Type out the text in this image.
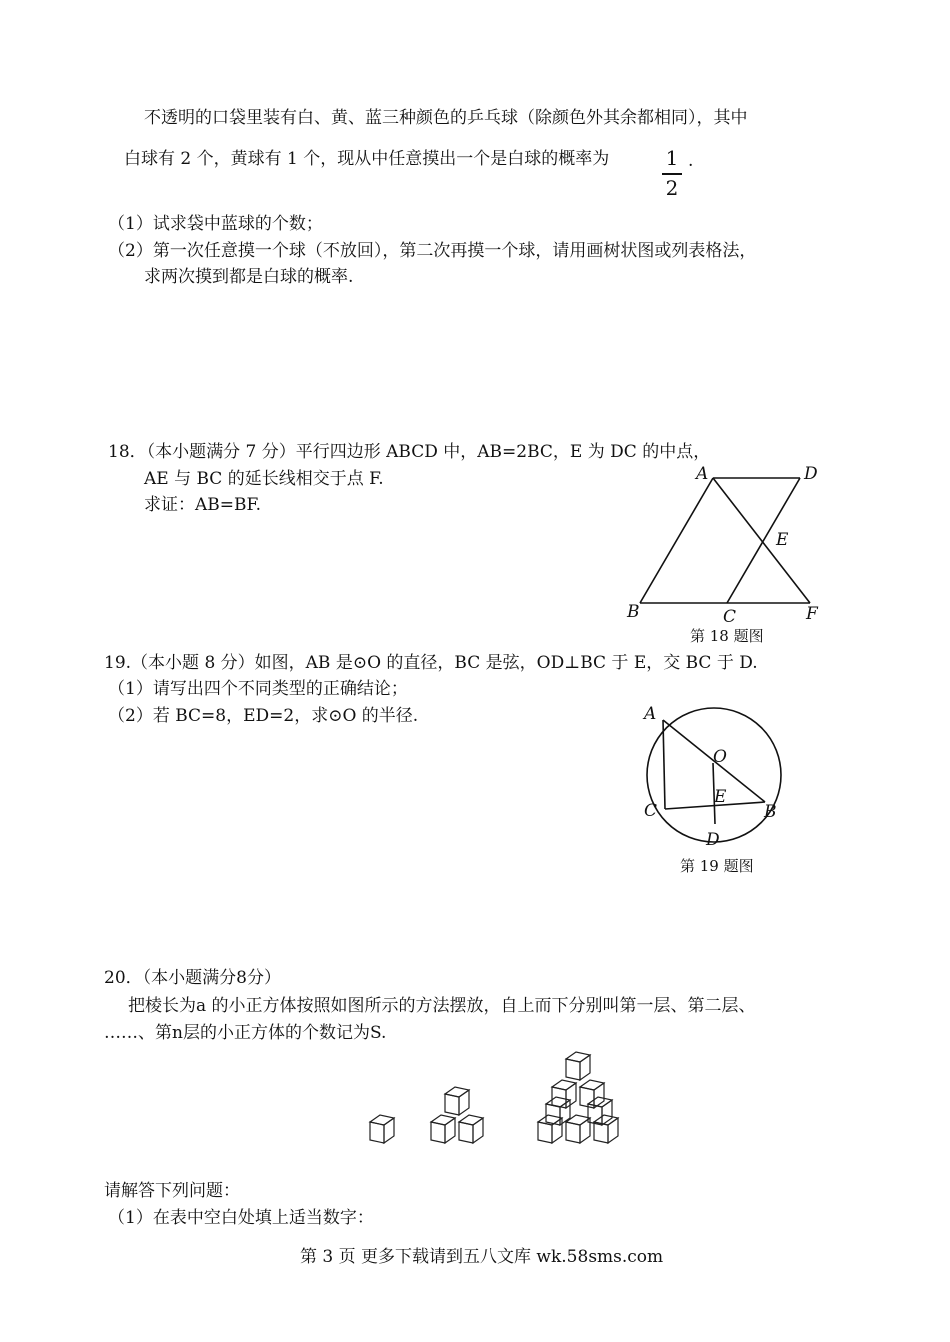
不透明的口袋里装有白、黄、蓝三种颜色的乒乓球（除颜色外其余都相同），其中
白球有 2 个，黄球有 1 个，现从中任意摸出一个是白球的概率为	1
2
.
（1）试求袋中蓝球的个数；
（2）第一次任意摸一个球（不放回），第二次再摸一个球，请用画树状图或列表格法，
求两次摸到都是白球的概率.
18．（本小题满分 7 分）平行四边形 ABCD 中，AB=2BC，E 为 DC 的中点，
AE 与 BC 的延长线相交于点 F.
求证：AB=BF.
A	D
E
B	C	F
第 18 题图
19.（本小题 8 分）如图，AB 是⊙O 的直径，BC 是弦，OD⊥BC 于 E，交 BC 于 D.
（1）请写出四个不同类型的正确结论；
（2）若 BC=8，ED=2，求⊙O 的半径.	A
O
E
C	B
D
第 19 题图
20．（本小题满分8分）
把棱长为a 的小正方体按照如图所示的方法摆放，自上而下分别叫第一层、第二层、
……、第n层的小正方体的个数记为S.
请解答下列问题：
（1）在表中空白处填上适当数字：
第 3 页 更多下载请到五八文库 wk.58sms.com
